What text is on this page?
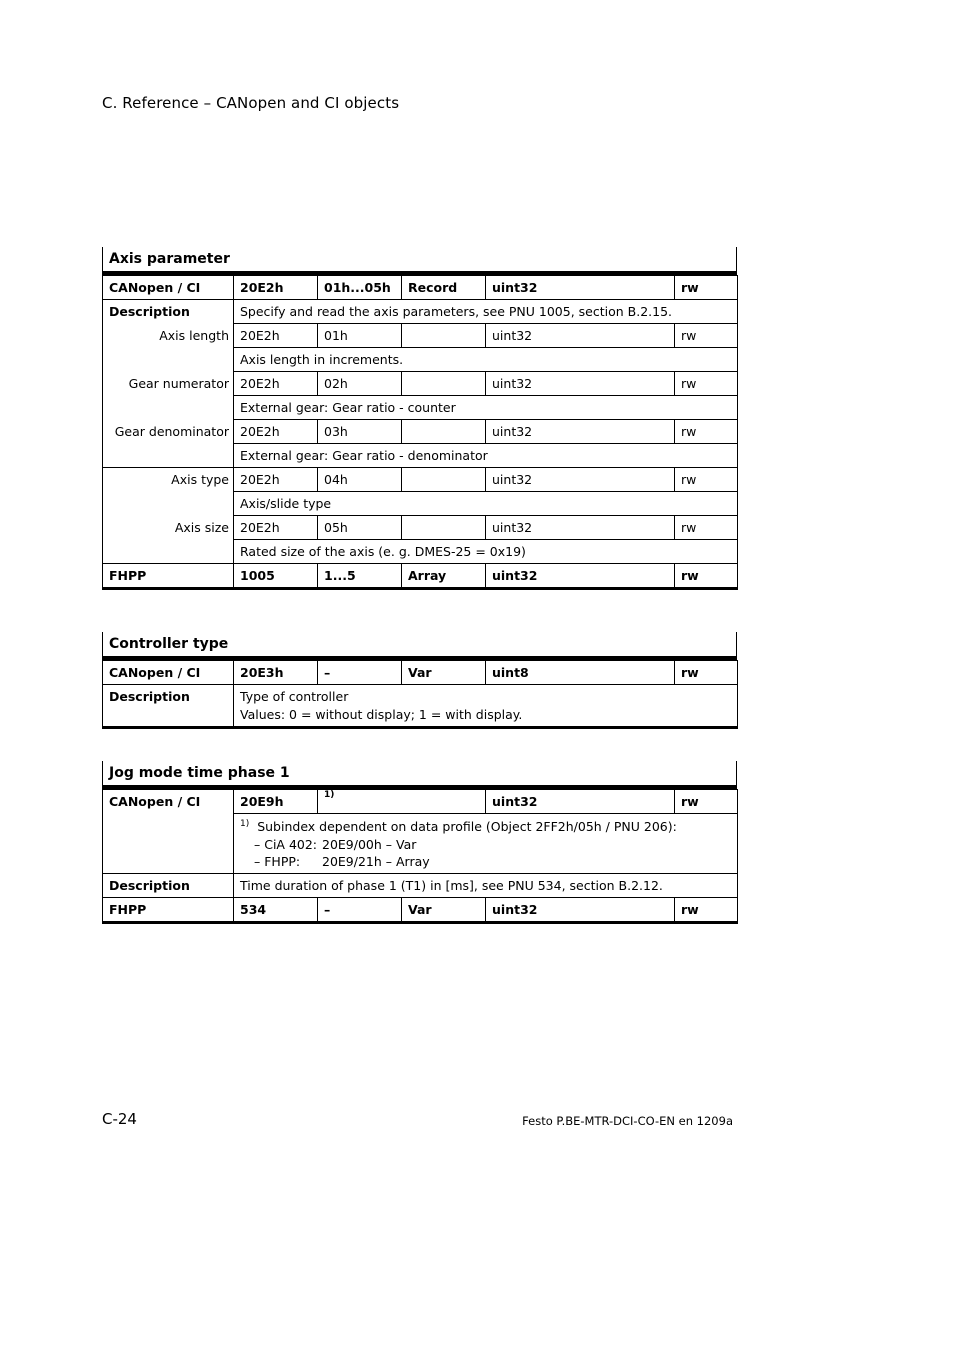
C. Reference – CANopen and CI objects
Axis parameter
CANopen / CI	20E2h	01h...05h	Record	uint32	rw
Description	Specify and read the axis parameters, see PNU 1005, section B.2.15.				
Axis length	20E2h	01h		uint32	rw
	Axis length in increments.				
Gear numerator	20E2h	02h		uint32	rw
	External gear: Gear ratio - counter				
Gear denominator	20E2h	03h		uint32	rw
	External gear: Gear ratio - denominator				
Axis type	20E2h	04h		uint32	rw
	Axis/slide type				
Axis size	20E2h	05h		uint32	rw
	Rated size of the axis (e. g. DMES-25 = 0x19)				
FHPP	1005	1...5	Array	uint32	rw
Controller type
CANopen / CI	20E3h	–	Var	uint8	rw
Description	Type of controller
Values: 0 = without display; 1 = with display.				
Jog mode time phase 1
CANopen / CI	20E9h	$^{1)}$		uint32	rw

	$^{1)}$ Subindex dependent on data profile (Object 2FF2h/05h / PNU 206):
– CiA 402: 20E9/00h – Var
– FHPP: 20E9/21h – Array				

Description	Time duration of phase 1 (T1) in [ms], see PNU 534, section B.2.12.				
FHPP	534	–	Var	uint32	rw
C-24	Festo P.BE-MTR-DCI-CO-EN en 1209a
